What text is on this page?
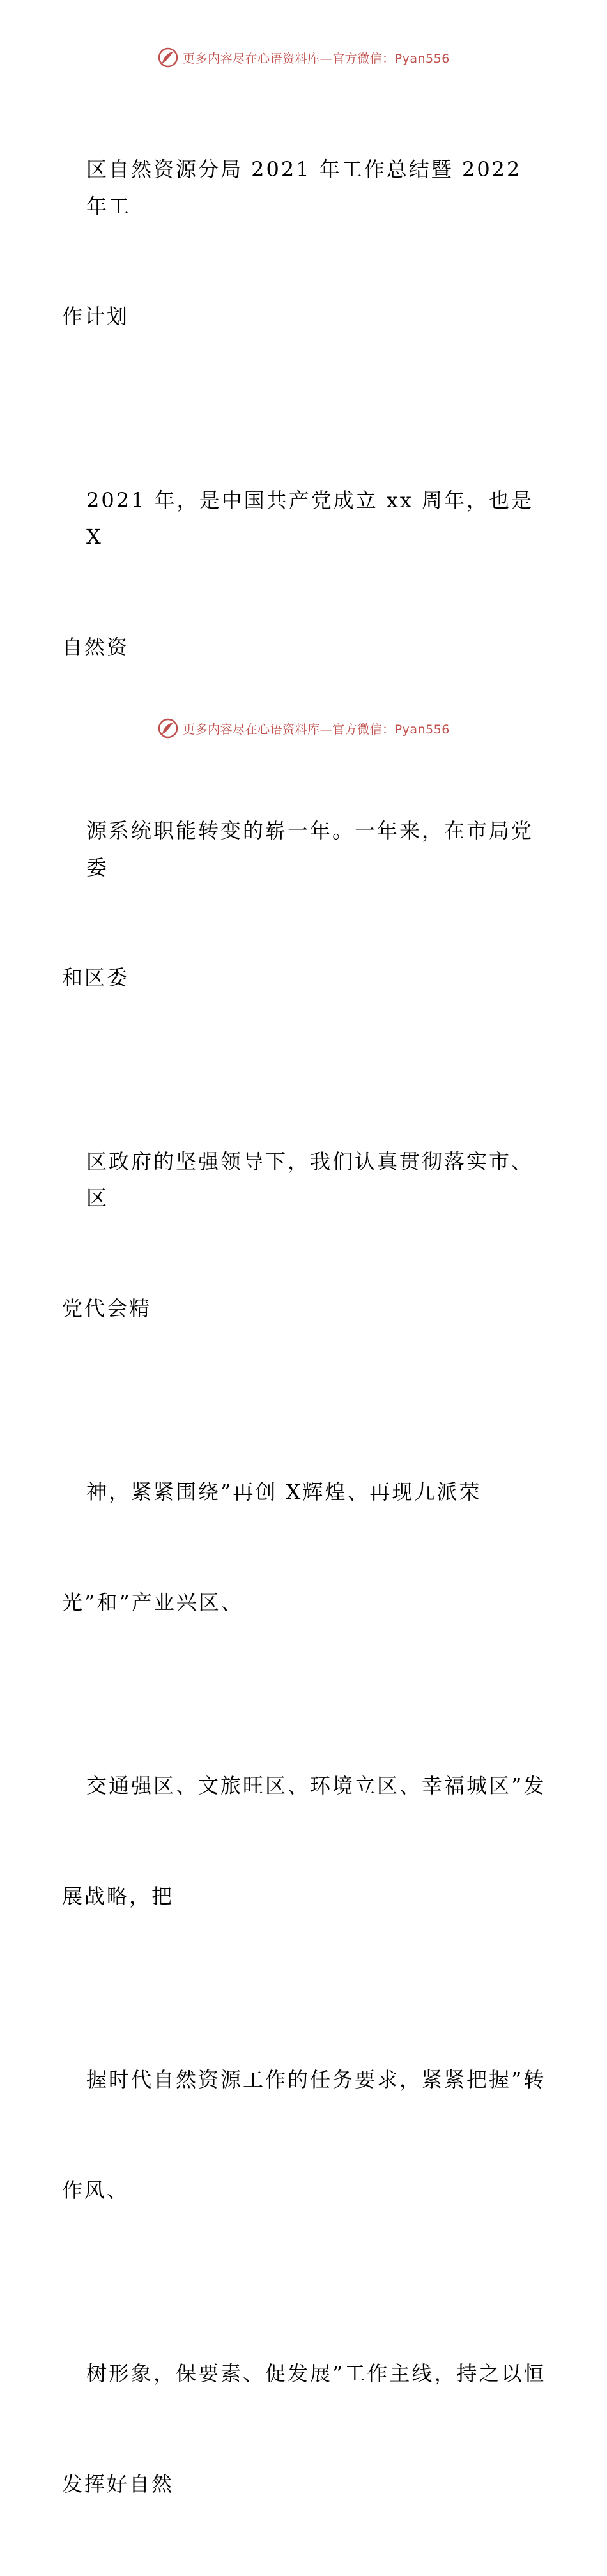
更多内容尽在心语资料库—官方微信：Pyan556

区自然资源分局 2021 年工作总结暨 2022 年工

作计划

2021 年，是中国共产党成立 xx 周年，也是 X

自然资

源系统职能转变的崭一年。一年来，在市局党委

和区委

区政府的坚强领导下，我们认真贯彻落实市、区

党代会精

神，紧紧围绕”再创 X辉煌、再现九派荣

光”和”产业兴区、

交通强区、文旅旺区、环境立区、幸福城区”发

展战略，把

握时代自然资源工作的任务要求，紧紧把握”转

作风、

树形象，保要素、促发展”工作主线，持之以恒

发挥好自然

更多内容尽在心语资料库—官方微信：Pyan556
